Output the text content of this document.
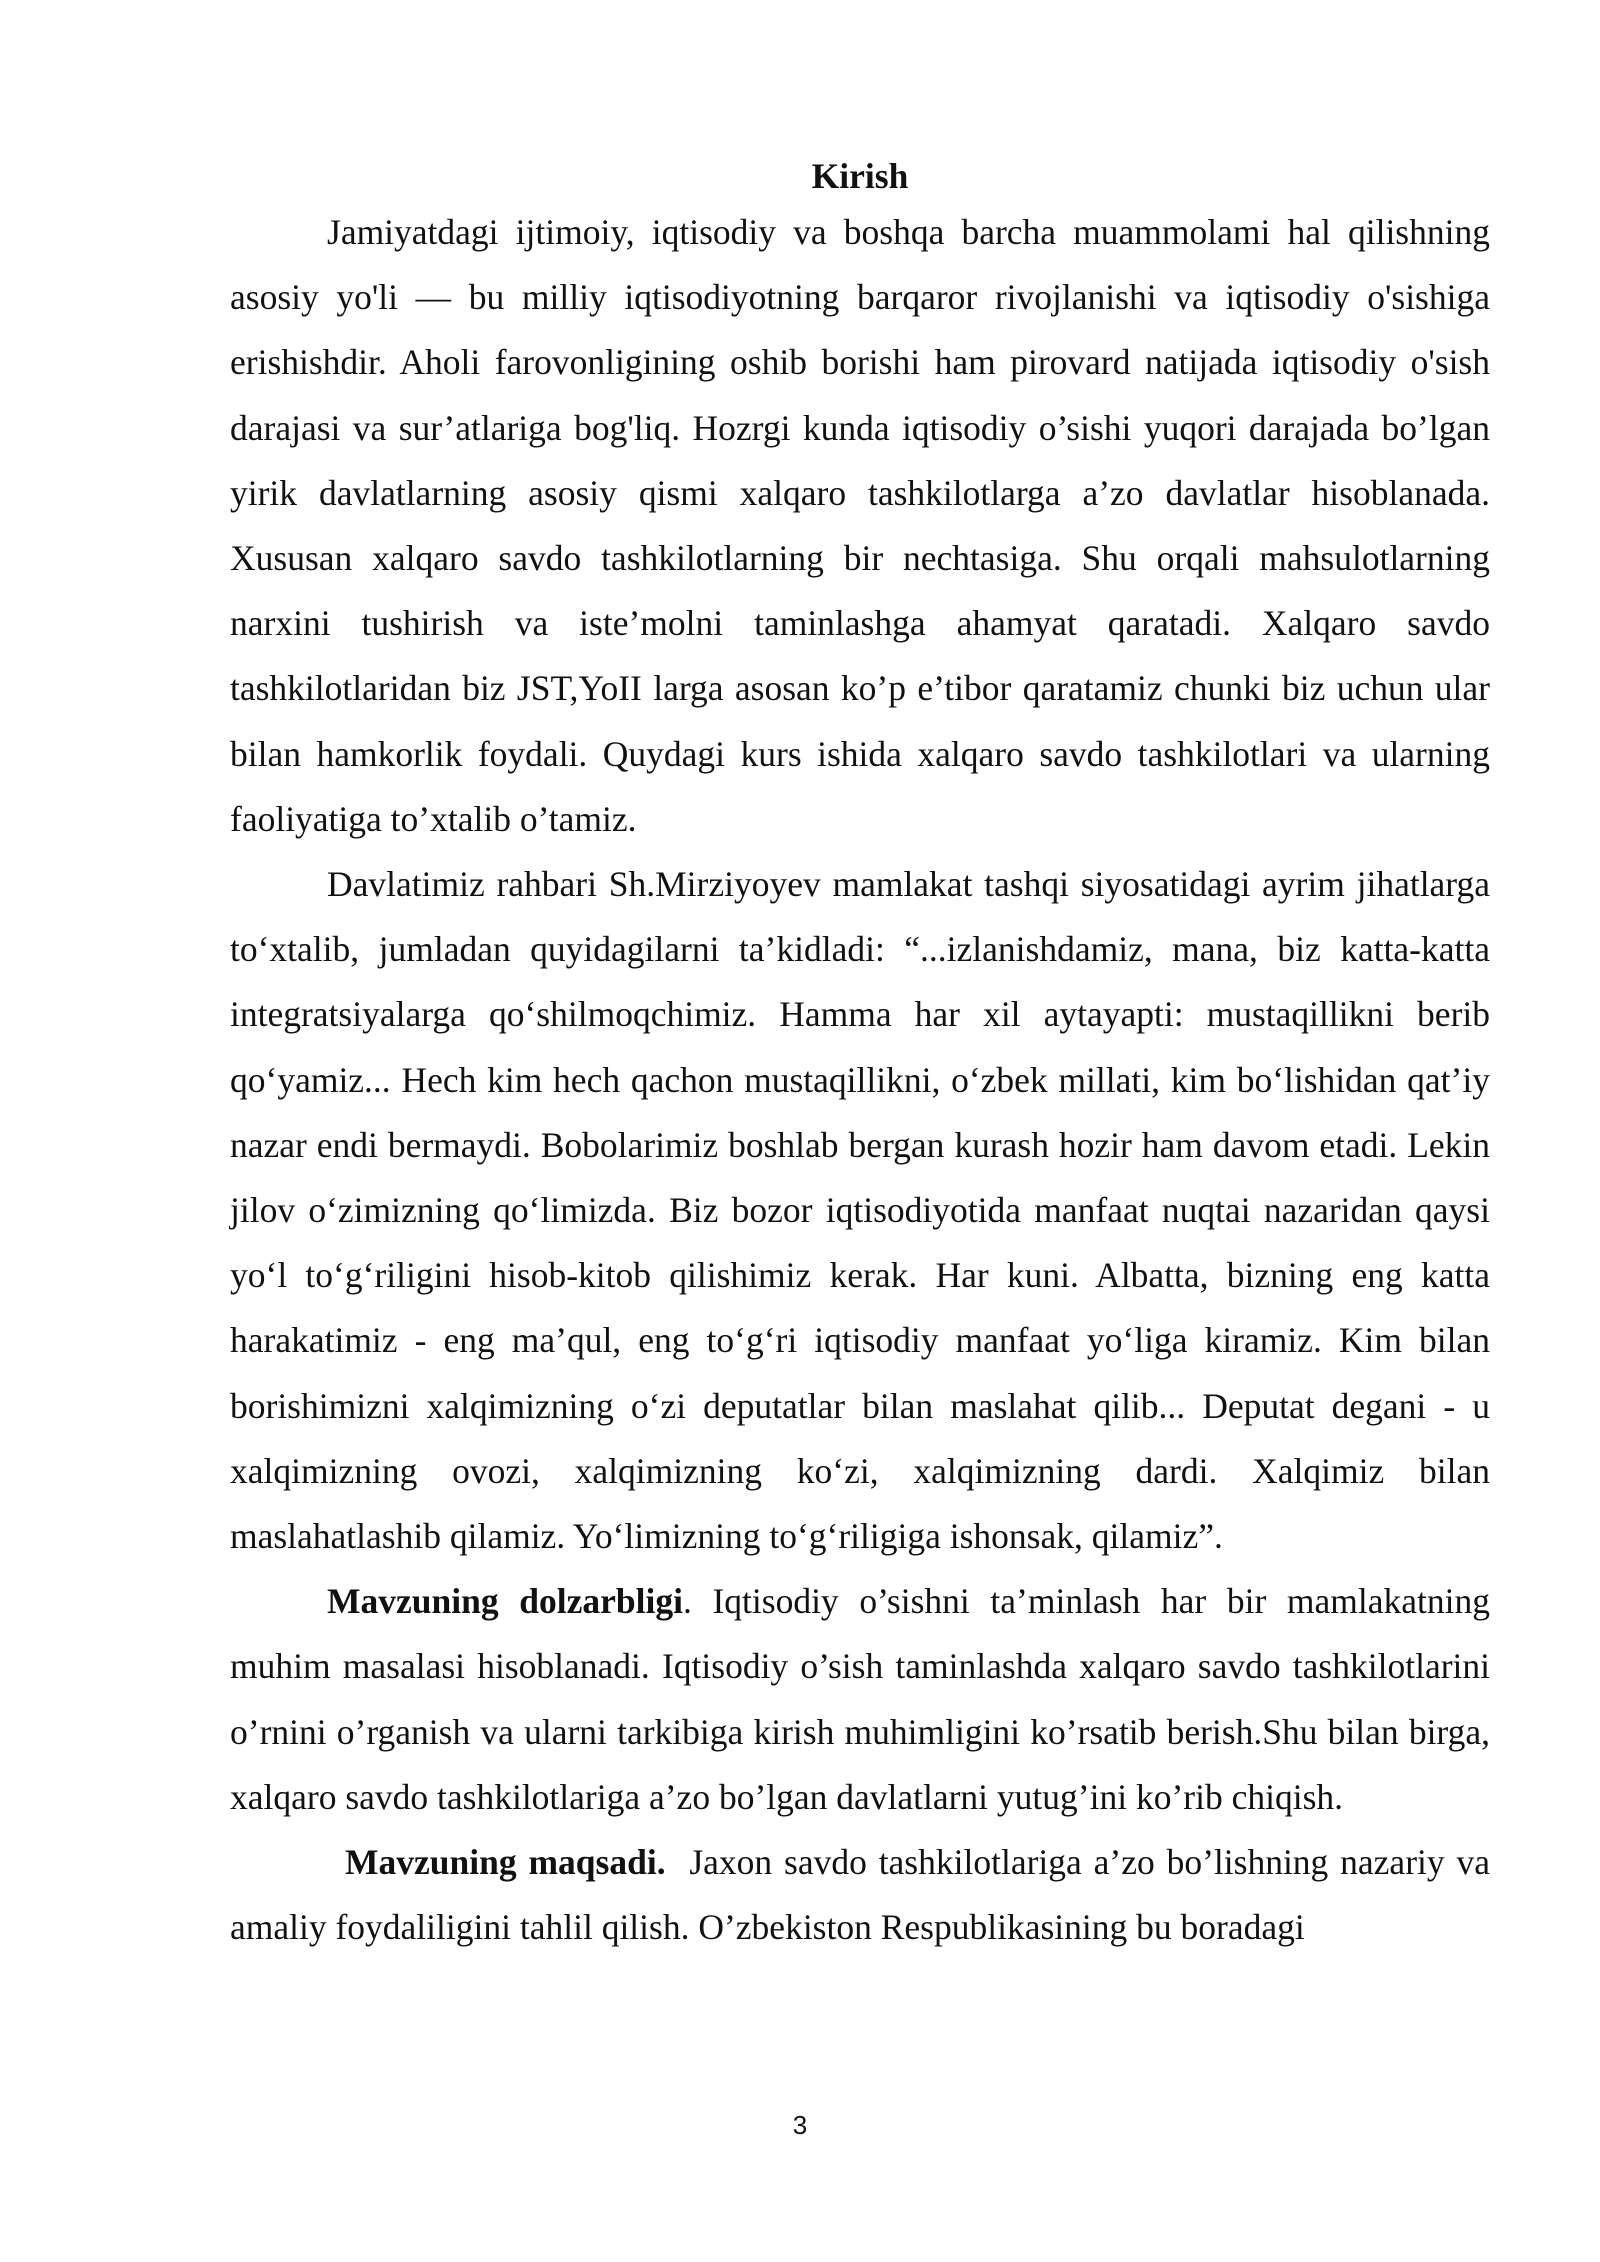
Kirish

Jamiyatdagi ijtimoiy, iqtisodiy va boshqa barcha muammolami hal qilishning asosiy yo'li — bu milliy iqtisodiyotning barqaror rivojlanishi va iqtisodiy o'sishiga erishishdir. Aholi farovonligining oshib borishi ham pirovard natijada iqtisodiy o'sish darajasi va sur’atlariga bog'liq. Hozrgi kunda iqtisodiy o’sishi yuqori darajada bo’lgan yirik davlatlarning asosiy qismi xalqaro tashkilotlarga a’zo davlatlar hisoblanada. Xususan xalqaro savdo tashkilotlarning bir nechtasiga. Shu orqali mahsulotlarning narxini tushirish va iste’molni taminlashga ahamyat qaratadi. Xalqaro savdo tashkilotlaridan biz JST,YoII larga asosan ko’p e’tibor qaratamiz chunki biz uchun ular bilan hamkorlik foydali. Quydagi kurs ishida xalqaro savdo tashkilotlari va ularning faoliyatiga to’xtalib o’tamiz.

Davlatimiz rahbari Sh.Mirziyoyev mamlakat tashqi siyosatidagi ayrim jihatlarga to‘xtalib, jumladan quyidagilarni ta’kidladi: “...izlanishdamiz, mana, biz katta-katta integratsiyalarga qo‘shilmoqchimiz. Hamma har xil aytayapti: mustaqillikni berib qo‘yamiz... Hech kim hech qachon mustaqillikni, o‘zbek millati, kim bo‘lishidan qat’iy nazar endi bermaydi. Bobolarimiz boshlab bergan kurash hozir ham davom etadi. Lekin jilov o‘zimizning qo‘limizda. Biz bozor iqtisodiyotida manfaat nuqtai nazaridan qaysi yo‘l to‘g‘riligini hisob-kitob qilishimiz kerak. Har kuni. Albatta, bizning eng katta harakatimiz - eng ma’qul, eng to‘g‘ri iqtisodiy manfaat yo‘liga kiramiz. Kim bilan borishimizni xalqimizning o‘zi deputatlar bilan maslahat qilib... Deputat degani - u xalqimizning ovozi, xalqimizning ko‘zi, xalqimizning dardi. Xalqimiz bilan maslahatlashib qilamiz. Yo‘limizning to‘g‘riligiga ishonsak, qilamiz”.

Mavzuning dolzarbligi. Iqtisodiy o’sishni ta’minlash har bir mamlakatning muhim masalasi hisoblanadi. Iqtisodiy o’sish taminlashda xalqaro savdo tashkilotlarini o’rnini o’rganish va ularni tarkibiga kirish muhimligini ko’rsatib berish.Shu bilan birga, xalqaro savdo tashkilotlariga a’zo bo’lgan davlatlarni yutug’ini ko’rib chiqish.

Mavzuning maqsadi.  Jaxon savdo tashkilotlariga a’zo bo’lishning nazariy va amaliy foydaliligini tahlil qilish. O’zbekiston Respublikasining bu boradagi

3
